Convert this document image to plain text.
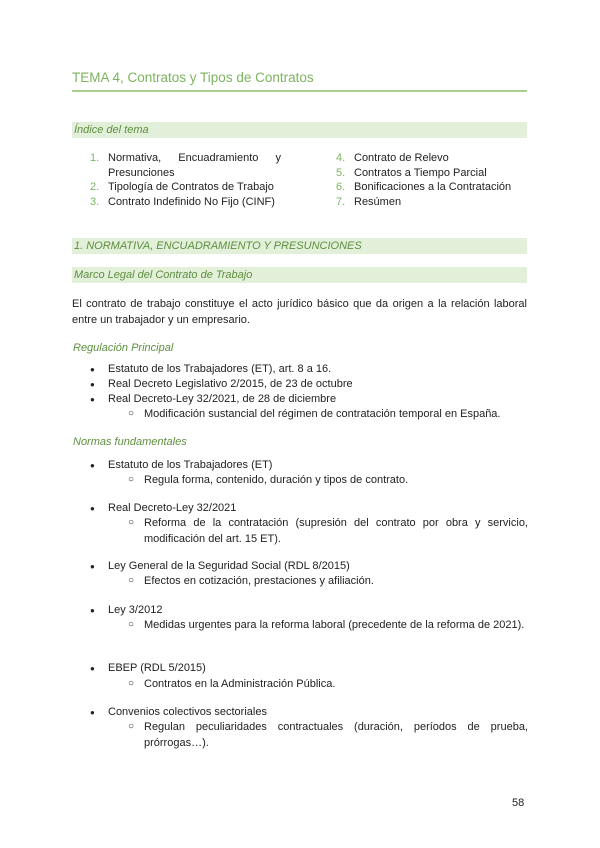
TEMA 4, Contratos y Tipos de Contratos
Índice del tema
1. Normativa, Encuadramiento y
Presunciones
2. Tipología de Contratos de Trabajo
3. Contrato Indefinido No Fijo (CINF)
4. Contrato de Relevo
5. Contratos a Tiempo Parcial
6. Bonificaciones a la Contratación
7. Resúmen
1. NORMATIVA, ENCUADRAMIENTO Y PRESUNCIONES
Marco Legal del Contrato de Trabajo
El contrato de trabajo constituye el acto jurídico básico que da origen a la relación laboral entre un trabajador y un empresario.
Regulación Principal
● Estatuto de los Trabajadores (ET), art. 8 a 16.
● Real Decreto Legislativo 2/2015, de 23 de octubre
● Real Decreto-Ley 32/2021, de 28 de diciembre
○ Modificación sustancial del régimen de contratación temporal en España.
Normas fundamentales
● Estatuto de los Trabajadores (ET)
○ Regula forma, contenido, duración y tipos de contrato.
● Real Decreto-Ley 32/2021
○ Reforma de la contratación (supresión del contrato por obra y servicio, modificación del art. 15 ET).
● Ley General de la Seguridad Social (RDL 8/2015)
○ Efectos en cotización, prestaciones y afiliación.
● Ley 3/2012
○ Medidas urgentes para la reforma laboral (precedente de la reforma de 2021).
● EBEP (RDL 5/2015)
○ Contratos en la Administración Pública.
● Convenios colectivos sectoriales
○ Regulan peculiaridades contractuales (duración, períodos de prueba, prórrogas…).
58
